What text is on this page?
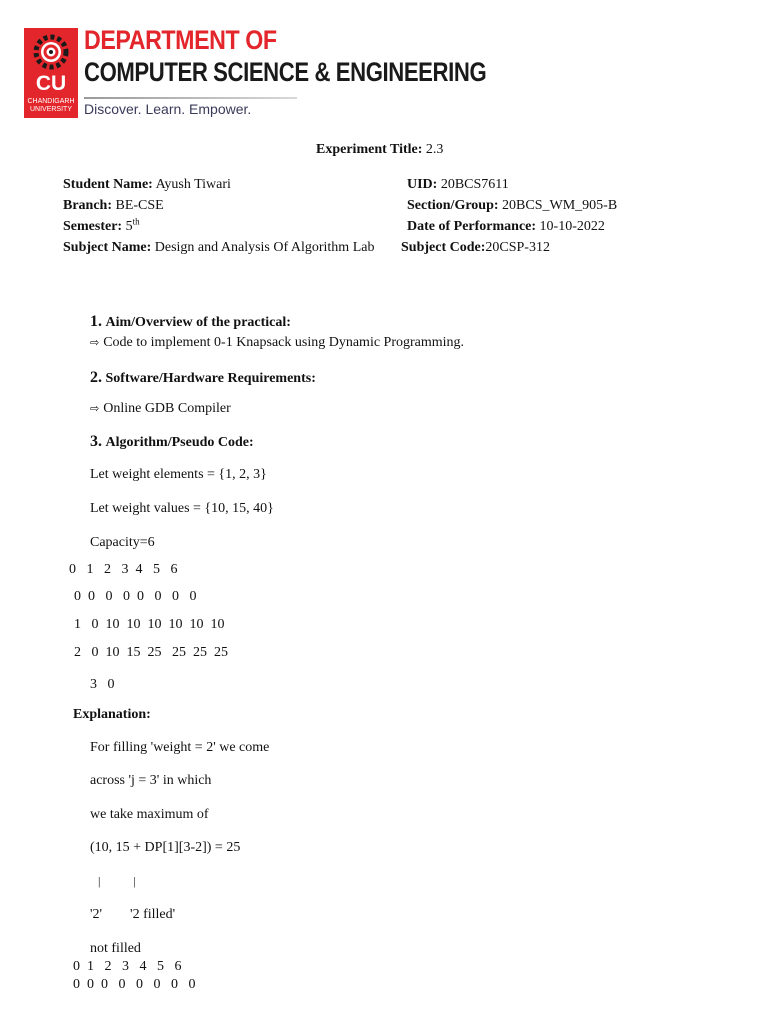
CU
CHANDIGARH
UNIVERSITY
DEPARTMENT OF
COMPUTER SCIENCE & ENGINEERING
Discover. Learn. Empower.
Experiment Title: 2.3
Student Name: Ayush Tiwari	UID: 20BCS7611
Branch: BE-CSE	Section/Group: 20BCS_WM_905-B
Semester: 5th	Date of Performance: 10-10-2022
Subject Name: Design and Analysis Of Algorithm Lab Subject Code:20CSP-312
1. Aim/Overview of the practical:
⇨ Code to implement 0-1 Knapsack using Dynamic Programming.
2. Software/Hardware Requirements:
⇨ Online GDB Compiler
3. Algorithm/Pseudo Code:
Let weight elements = {1, 2, 3}
Let weight values = {10, 15, 40}
Capacity=6
0   1   2   3  4   5   6
0  0   0   0  0   0   0   0
1   0  10  10  10  10  10  10
2   0  10  15  25   25  25  25
3   0
Explanation:
For filling 'weight = 2' we come
across 'j = 3' in which
we take maximum of
(10, 15 + DP[1][3-2]) = 25
|           |
'2'        '2 filled'
not filled
0  1   2   3   4   5   6
0  0  0   0   0   0   0   0
